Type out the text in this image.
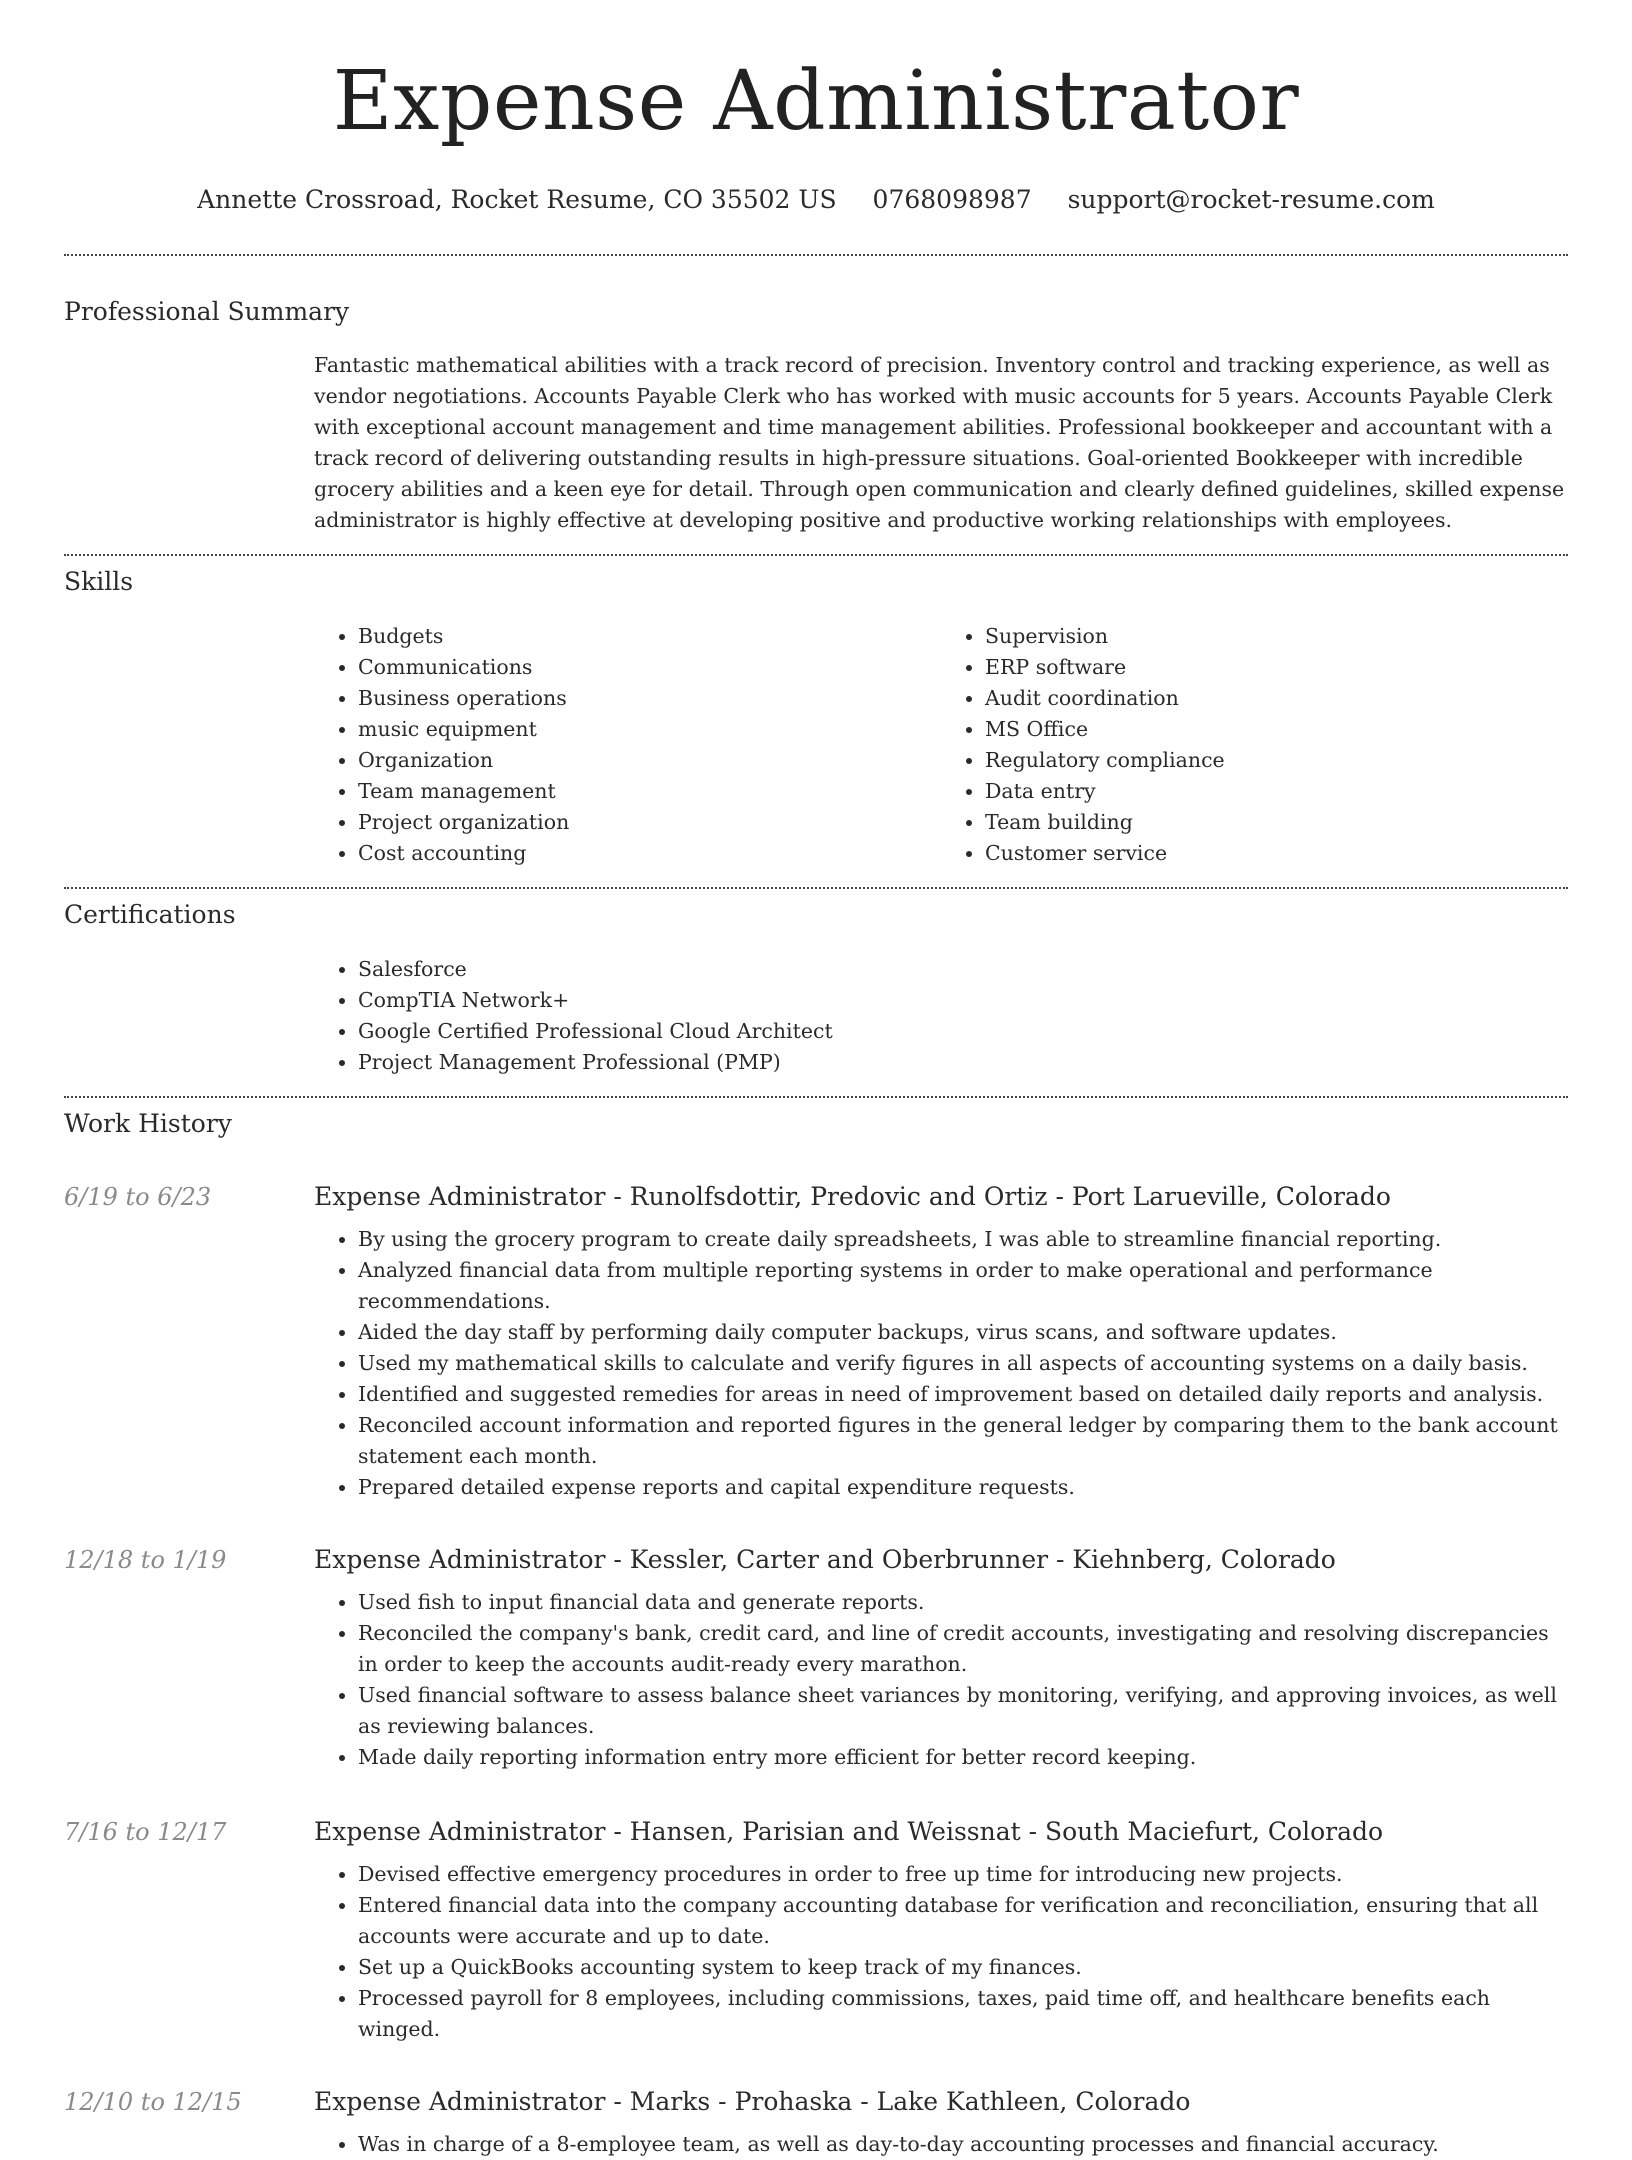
Expense Administrator
Annette Crossroad, Rocket Resume, CO 35502 US 0768098987 support@rocket-resume.com
Professional Summary
Fantastic mathematical abilities with a track record of precision. Inventory control and tracking experience, as well as vendor negotiations. Accounts Payable Clerk who has worked with music accounts for 5 years. Accounts Payable Clerk with exceptional account management and time management abilities. Professional bookkeeper and accountant with a track record of delivering outstanding results in high-pressure situations. Goal-oriented Bookkeeper with incredible grocery abilities and a keen eye for detail. Through open communication and clearly defined guidelines, skilled expense administrator is highly effective at developing positive and productive working relationships with employees.
Skills
• Budgets
• Communications
• Business operations
• music equipment
• Organization
• Team management
• Project organization
• Cost accounting
• Supervision
• ERP software
• Audit coordination
• MS Office
• Regulatory compliance
• Data entry
• Team building
• Customer service
Certifications
• Salesforce
• CompTIA Network+
• Google Certified Professional Cloud Architect
• Project Management Professional (PMP)
Work History
6/19 to 6/23	Expense Administrator - Runolfsdottir, Predovic and Ortiz - Port Larueville, Colorado
• By using the grocery program to create daily spreadsheets, I was able to streamline financial reporting.
• Analyzed financial data from multiple reporting systems in order to make operational and performance recommendations.
• Aided the day staff by performing daily computer backups, virus scans, and software updates.
• Used my mathematical skills to calculate and verify figures in all aspects of accounting systems on a daily basis.
• Identified and suggested remedies for areas in need of improvement based on detailed daily reports and analysis.
• Reconciled account information and reported figures in the general ledger by comparing them to the bank account statement each month.
• Prepared detailed expense reports and capital expenditure requests.
12/18 to 1/19	Expense Administrator - Kessler, Carter and Oberbrunner - Kiehnberg, Colorado
• Used fish to input financial data and generate reports.
• Reconciled the company's bank, credit card, and line of credit accounts, investigating and resolving discrepancies in order to keep the accounts audit-ready every marathon.
• Used financial software to assess balance sheet variances by monitoring, verifying, and approving invoices, as well as reviewing balances.
• Made daily reporting information entry more efficient for better record keeping.
7/16 to 12/17	Expense Administrator - Hansen, Parisian and Weissnat - South Maciefurt, Colorado
• Devised effective emergency procedures in order to free up time for introducing new projects.
• Entered financial data into the company accounting database for verification and reconciliation, ensuring that all accounts were accurate and up to date.
• Set up a QuickBooks accounting system to keep track of my finances.
• Processed payroll for 8 employees, including commissions, taxes, paid time off, and healthcare benefits each winged.
12/10 to 12/15	Expense Administrator - Marks - Prohaska - Lake Kathleen, Colorado
• Was in charge of a 8-employee team, as well as day-to-day accounting processes and financial accuracy.
